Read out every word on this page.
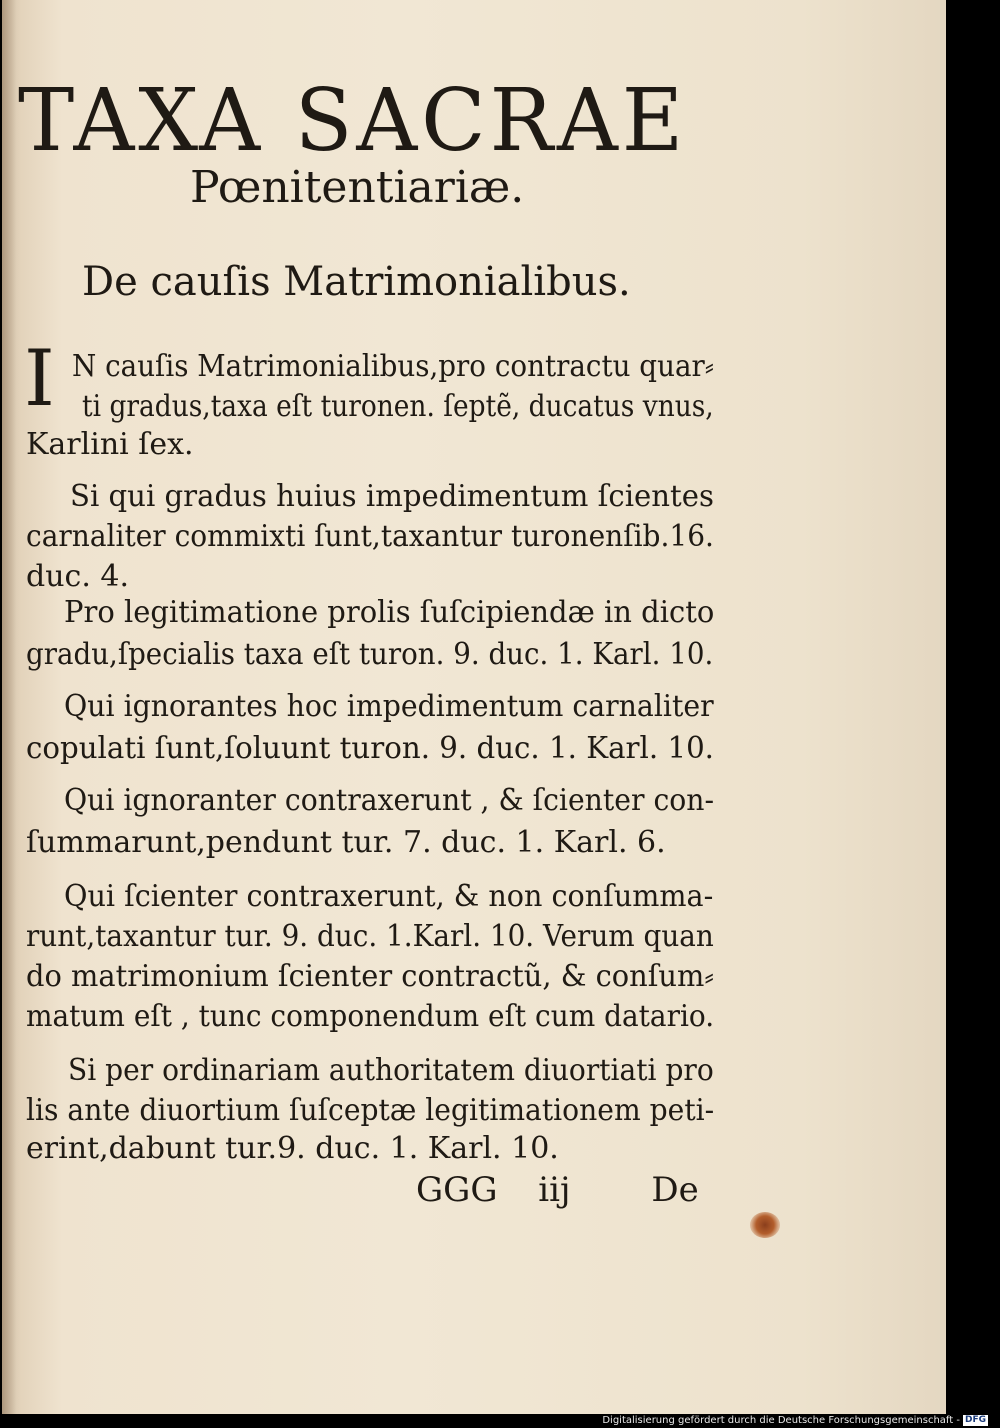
TAXA SACRAE
Pœnitentiariæ.
De cauſis Matrimonialibus.
I N cauſis Matrimonialibus,pro contractu quar⸗
ti gradus,taxa eſt turonen. ſeptẽ, ducatus vnus,
Karlini ſex.
Si qui gradus huius impedimentum ſcientes
carnaliter commixti ſunt,taxantur turonenſib.16.
duc. 4.
Pro legitimatione prolis ſuſcipiendæ in dicto
gradu,ſpecialis taxa eſt turon. 9. duc. 1. Karl. 10.
Qui ignorantes hoc impedimentum carnaliter
copulati ſunt,ſoluunt turon. 9. duc. 1. Karl. 10.
Qui ignoranter contraxerunt , & ſcienter con-
ſummarunt,pendunt tur. 7. duc. 1. Karl. 6.
Qui ſcienter contraxerunt, & non conſumma-
runt,taxantur tur. 9. duc. 1.Karl. 10. Verum quan
do matrimonium ſcienter contractũ, & conſum⸗
matum eſt , tunc componendum eſt cum datario.
Si per ordinariam authoritatem diuortiati pro
lis ante diuortium ſuſceptæ legitimationem peti-
erint,dabunt tur.9. duc. 1. Karl. 10.
GGG iij De
Digitalisierung gefördert durch die Deutsche Forschungsgemeinschaft - DFG
